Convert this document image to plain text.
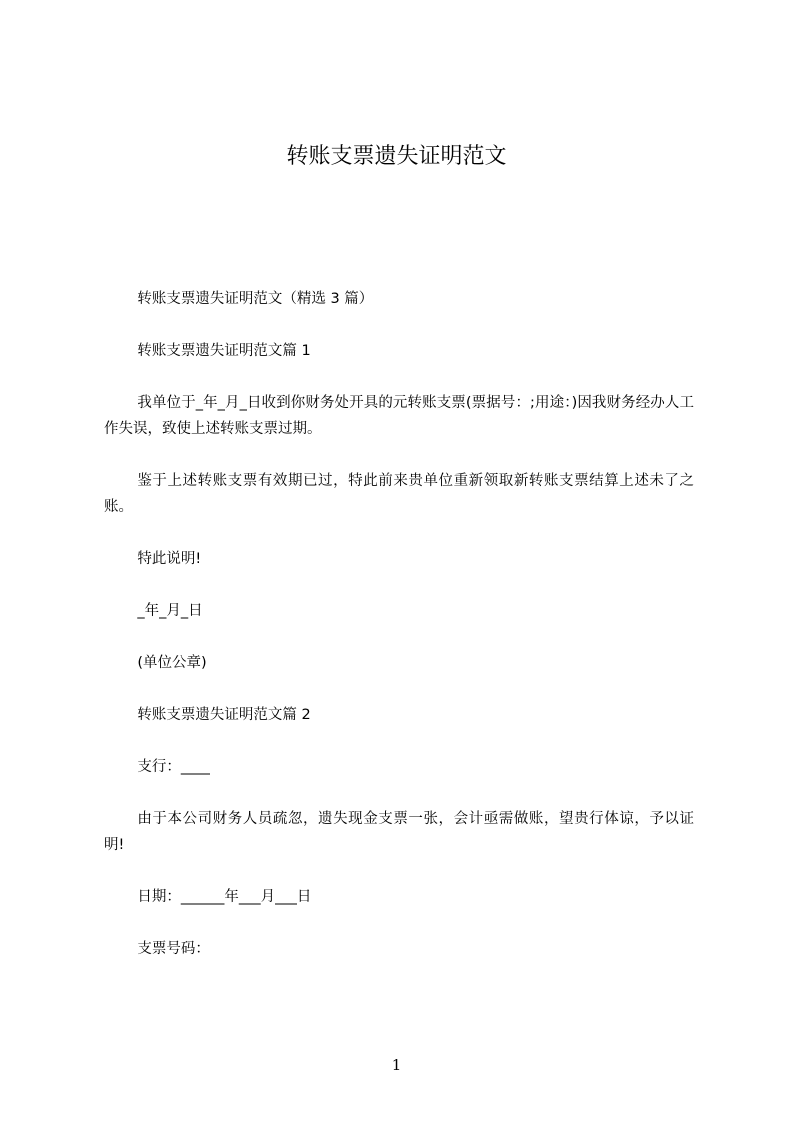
转账支票遗失证明范文

转账支票遗失证明范文（精选 3 篇）

转账支票遗失证明范文篇 1

我单位于_年_月_日收到你财务处开具的元转账支票(票据号：;用途：)因我财务经办人工作失误，致使上述转账支票过期。

鉴于上述转账支票有效期已过，特此前来贵单位重新领取新转账支票结算上述未了之账。

特此说明!

_年_月_日

(单位公章)

转账支票遗失证明范文篇 2

支行：____

由于本公司财务人员疏忽，遗失现金支票一张，会计亟需做账，望贵行体谅，予以证明!

日期：______年___月___日

支票号码：

1
